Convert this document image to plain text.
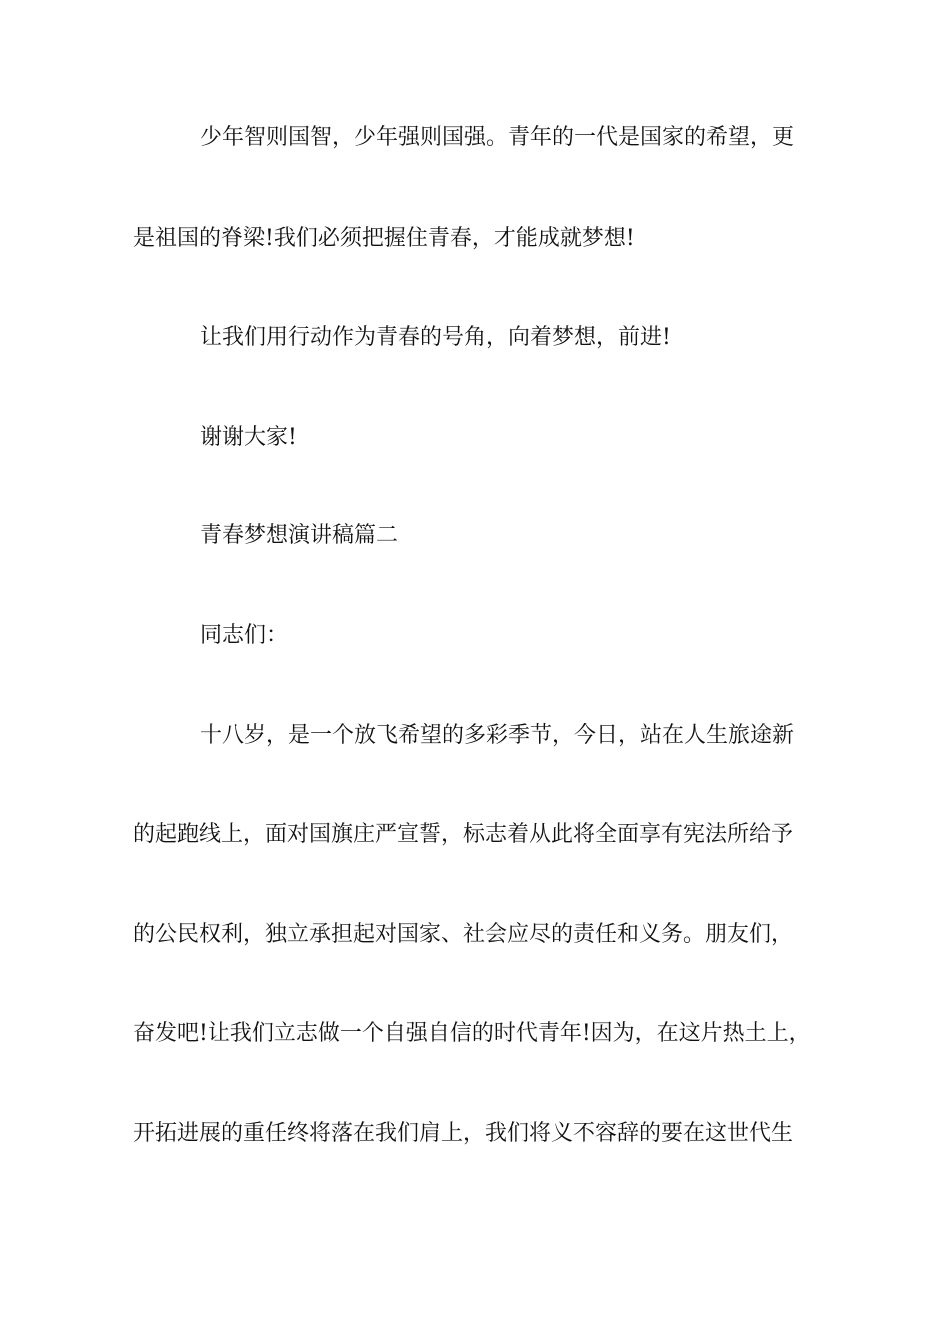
少年智则国智，少年强则国强。青年的一代是国家的希望，更
是祖国的脊梁!我们必须把握住青春，才能成就梦想!
让我们用行动作为青春的号角，向着梦想，前进!
谢谢大家!
青春梦想演讲稿篇二
同志们：
十八岁，是一个放飞希望的多彩季节，今日，站在人生旅途新
的起跑线上，面对国旗庄严宣誓，标志着从此将全面享有宪法所给予
的公民权利，独立承担起对国家、社会应尽的责任和义务。朋友们，
奋发吧!让我们立志做一个自强自信的时代青年!因为，在这片热土上，
开拓进展的重任终将落在我们肩上，我们将义不容辞的要在这世代生
